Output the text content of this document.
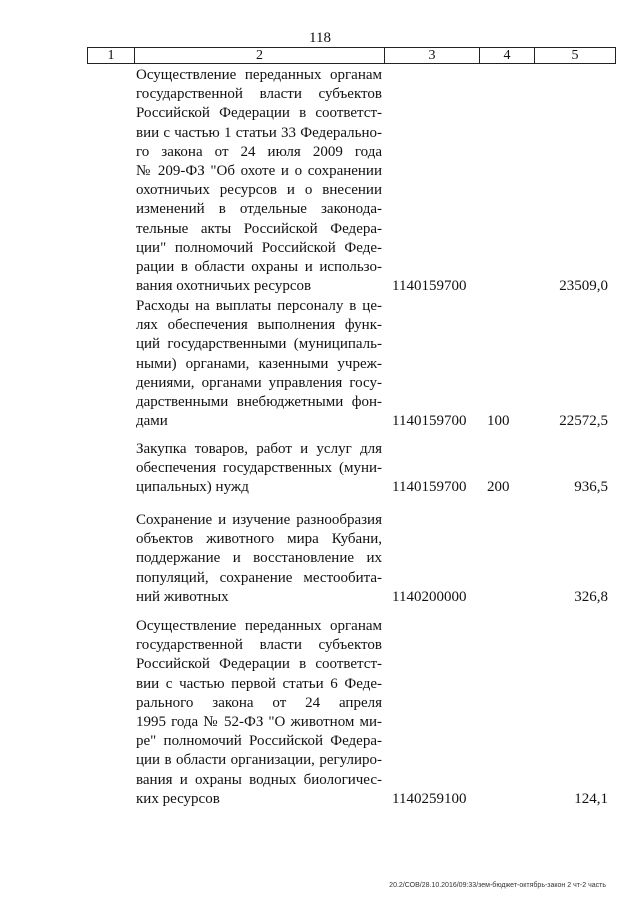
118
1	2	3	4	5
Осуществление переданных органам
государственной власти субъектов
Российской Федерации в соответст-
вии с частью 1 статьи 33 Федерально-
го закона от 24 июля 2009 года
№ 209-ФЗ "Об охоте и о сохранении
охотничьих ресурсов и о внесении
изменений в отдельные законода-
тельные акты Российской Федера-
ции" полномочий Российской Феде-
рации в области охраны и использо-
вания охотничьих ресурсов	1140159700	23509,0
Расходы на выплаты персоналу в це-
лях обеспечения выполнения функ-
ций государственными (муниципаль-
ными) органами, казенными учреж-
дениями, органами управления госу-
дарственными внебюджетными фон-
дами	1140159700 100	22572,5
Закупка товаров, работ и услуг для
обеспечения государственных (муни-
ципальных) нужд	1140159700 200	936,5
Сохранение и изучение разнообразия
объектов животного мира Кубани,
поддержание и восстановление их
популяций, сохранение местообита-
ний животных	1140200000	326,8
Осуществление переданных органам
государственной власти субъектов
Российской Федерации в соответст-
вии с частью первой статьи 6 Феде-
рального закона от 24 апреля
1995 года № 52-ФЗ "О животном ми-
ре" полномочий Российской Федера-
ции в области организации, регулиро-
вания и охраны водных биологичес-
ких ресурсов	1140259100	124,1
20.2/СОВ/28.10.2016/09:33/зем-бюджет-октябрь-закон 2 чт-2 часть
